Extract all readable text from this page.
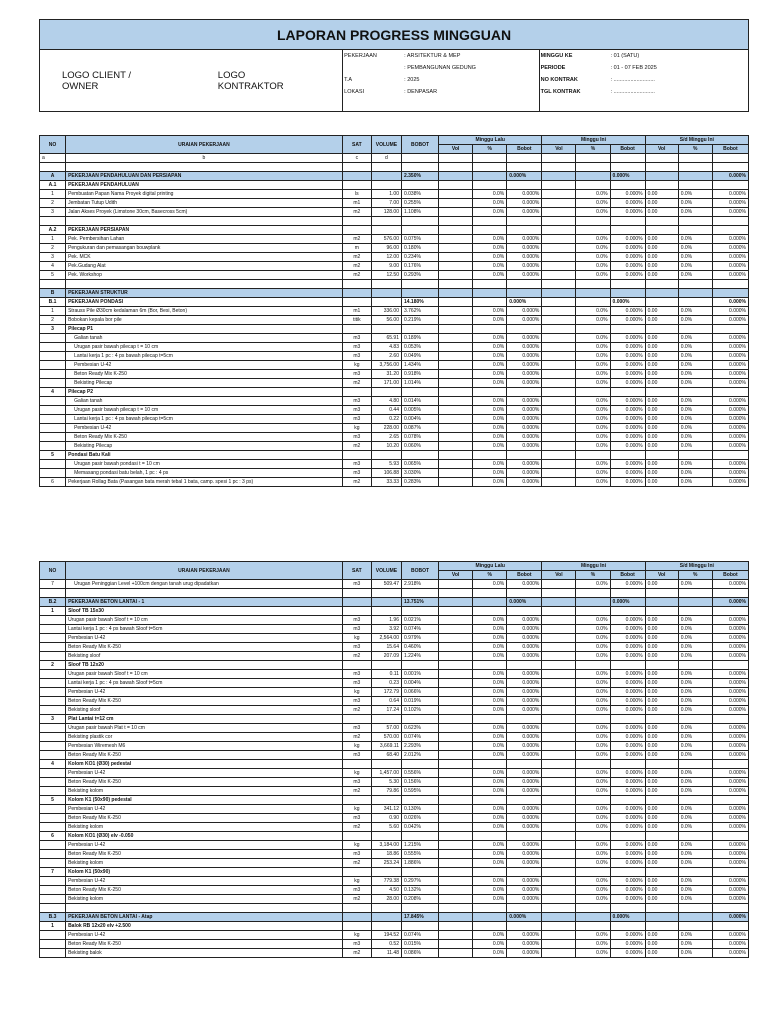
LAPORAN PROGRESS MINGGUAN
LOGO CLIENT / OWNER
LOGO KONTRAKTOR
PEKERJAAN	: ARSITEKTUR & MEP
: PEMBANGUNAN GEDUNG
T.A	: 2025
LOKASI	: DENPASAR
MINGGU KE	: 01 (SATU)
PERIODE	: 01 - 07 FEB 2025
NO KONTRAK	: ...........................
TGL KONTRAK	: ...........................
NO	URAIAN PEKERJAAN	SAT	VOLUME	BOBOT	Minggu Lalu			Minggu Ini			S/d Minggu Ini		
					Vol	%	Bobot	Vol	%	Bobot	Vol	%	Bobot
a	b	c	d										

A	PEKERJAAN PENDAHULUAN DAN PERSIAPAN			2.350%			0.000%			0.000%			0.000%
A.1	PEKERJAAN PENDAHULUAN												
1	Pembuatan Papan Nama Proyek digital printing	ls	1.00	0.038%		0.0%	0.000%		0.0%	0.000%	0.00	0.0%	0.000%
2	Jembatan Tutup Udith	m1	7.00	0.255%		0.0%	0.000%		0.0%	0.000%	0.00	0.0%	0.000%
3	Jalan Akses Proyek (Limstone 30cm, Basecross 5cm)	m2	128.00	1.108%		0.0%	0.000%		0.0%	0.000%	0.00	0.0%	0.000%

A.2	PEKERJAAN PERSIAPAN												
1	Pek. Pembersihan Lahan	m2	576.00	0.075%		0.0%	0.000%		0.0%	0.000%	0.00	0.0%	0.000%
2	Pengukuran dan pemasangan bouwplank	m	96.00	0.180%		0.0%	0.000%		0.0%	0.000%	0.00	0.0%	0.000%
3	Pek. MCK	m2	12.00	0.234%		0.0%	0.000%		0.0%	0.000%	0.00	0.0%	0.000%
4	Pek.Gudang Alat	m2	9.00	0.176%		0.0%	0.000%		0.0%	0.000%	0.00	0.0%	0.000%
5	Pek. Workshop	m2	12.50	0.293%		0.0%	0.000%		0.0%	0.000%	0.00	0.0%	0.000%

B	PEKERJAAN STRUKTUR												
B.1	PEKERJAAN PONDASI			14.180%			0.000%			0.000%			0.000%
1	Strauss Pile Ø30cm kedalaman 6m (Bor, Besi, Beton)	m1	336.00	3.762%		0.0%	0.000%		0.0%	0.000%	0.00	0.0%	0.000%
2	Bobokan kepala bor pile	titik	56.00	0.219%		0.0%	0.000%		0.0%	0.000%	0.00	0.0%	0.000%
3	Pilecap P1												
	Galian tanah	m3	65.91	0.189%		0.0%	0.000%		0.0%	0.000%	0.00	0.0%	0.000%
	Urugan pasir bawah pilecap t = 10 cm	m3	4.83	0.053%		0.0%	0.000%		0.0%	0.000%	0.00	0.0%	0.000%
	Lantai kerja 1 pc : 4 ps bawah pilecap t=5cm	m3	2.60	0.049%		0.0%	0.000%		0.0%	0.000%	0.00	0.0%	0.000%
	Pembesian U-42	kg	3,756.00	1.434%		0.0%	0.000%		0.0%	0.000%	0.00	0.0%	0.000%
	Beton Ready Mix K-250	m3	31.20	0.918%		0.0%	0.000%		0.0%	0.000%	0.00	0.0%	0.000%
	Bekisting Pilecap	m2	171.00	1.014%		0.0%	0.000%		0.0%	0.000%	0.00	0.0%	0.000%
4	Pilecap P2												
	Galian tanah	m3	4.80	0.014%		0.0%	0.000%		0.0%	0.000%	0.00	0.0%	0.000%
	Urugan pasir bawah pilecap t = 10 cm	m3	0.44	0.005%		0.0%	0.000%		0.0%	0.000%	0.00	0.0%	0.000%
	Lantai kerja 1 pc : 4 ps bawah pilecap t=5cm	m3	0.22	0.004%		0.0%	0.000%		0.0%	0.000%	0.00	0.0%	0.000%
	Pembesian U-42	kg	228.00	0.087%		0.0%	0.000%		0.0%	0.000%	0.00	0.0%	0.000%
	Beton Ready Mix K-250	m3	2.65	0.078%		0.0%	0.000%		0.0%	0.000%	0.00	0.0%	0.000%
	Bekisting Pilecap	m2	10.20	0.060%		0.0%	0.000%		0.0%	0.000%	0.00	0.0%	0.000%
5	Pondasi Batu Kali												
	Urugan pasir bawah pondasi t = 10 cm	m3	5.93	0.065%		0.0%	0.000%		0.0%	0.000%	0.00	0.0%	0.000%
	Memasang pondasi batu belah, 1 pc : 4 ps	m3	106.88	3.030%		0.0%	0.000%		0.0%	0.000%	0.00	0.0%	0.000%
6	Pekerjaan Rollag Bata (Pasangan bata merah tebal 1 bata, camp. spesi 1 pc : 3 ps)	m2	33.33	0.283%		0.0%	0.000%		0.0%	0.000%	0.00	0.0%	0.000%
NO	URAIAN PEKERJAAN	SAT	VOLUME	BOBOT	Minggu Lalu			Minggu Ini			S/d Minggu Ini		
					Vol	%	Bobot	Vol	%	Bobot	Vol	%	Bobot
7	Urugan Peninggian Level +100cm dengan tanah urug dipadatkan	m3	509.47	2.918%		0.0%	0.000%		0.0%	0.000%	0.00	0.0%	0.000%

B.2	PEKERJAAN BETON LANTAI - 1			13.751%			0.000%			0.000%			0.000%
1	Sloof TB 15x30												
	Urugan pasir bawah Sloof t = 10 cm	m3	1.96	0.021%		0.0%	0.000%		0.0%	0.000%	0.00	0.0%	0.000%
	Lantai kerja 1 pc : 4 ps bawah Sloof t=5cm	m3	3.92	0.074%		0.0%	0.000%		0.0%	0.000%	0.00	0.0%	0.000%
	Pembesian U-42	kg	2,564.00	0.979%		0.0%	0.000%		0.0%	0.000%	0.00	0.0%	0.000%
	Beton Ready Mix K-250	m3	15.64	0.460%		0.0%	0.000%		0.0%	0.000%	0.00	0.0%	0.000%
	Bekisting sloof	m2	207.09	1.224%		0.0%	0.000%		0.0%	0.000%	0.00	0.0%	0.000%
2	Sloof TB 12x20												
	Urugan pasir bawah Sloof t = 10 cm	m3	0.11	0.001%		0.0%	0.000%		0.0%	0.000%	0.00	0.0%	0.000%
	Lantai kerja 1 pc : 4 ps bawah Sloof t=5cm	m3	0.23	0.004%		0.0%	0.000%		0.0%	0.000%	0.00	0.0%	0.000%
	Pembesian U-42	kg	172.79	0.066%		0.0%	0.000%		0.0%	0.000%	0.00	0.0%	0.000%
	Beton Ready Mix K-250	m3	0.64	0.019%		0.0%	0.000%		0.0%	0.000%	0.00	0.0%	0.000%
	Bekisting sloof	m2	17.24	0.102%		0.0%	0.000%		0.0%	0.000%	0.00	0.0%	0.000%
3	Plat Lantai t=12 cm												
	Urugan pasir bawah Plat t = 10 cm	m3	57.00	0.623%		0.0%	0.000%		0.0%	0.000%	0.00	0.0%	0.000%
	Bekisting plastik cor	m2	570.00	0.074%		0.0%	0.000%		0.0%	0.000%	0.00	0.0%	0.000%
	Pembesian Wiremesh M6	kg	3,669.11	2.293%		0.0%	0.000%		0.0%	0.000%	0.00	0.0%	0.000%
	Beton Ready Mix K-250	m3	68.40	2.012%		0.0%	0.000%		0.0%	0.000%	0.00	0.0%	0.000%
4	Kolom KO1 (Ø30) pedestal												
	Pembesian U-42	kg	1,457.00	0.556%		0.0%	0.000%		0.0%	0.000%	0.00	0.0%	0.000%
	Beton Ready Mix K-250	m3	5.30	0.156%		0.0%	0.000%		0.0%	0.000%	0.00	0.0%	0.000%
	Bekisting kolom	m2	79.86	0.595%		0.0%	0.000%		0.0%	0.000%	0.00	0.0%	0.000%
5	Kolom K1 (50x90) pedestal												
	Pembesian U-42	kg	341.12	0.130%		0.0%	0.000%		0.0%	0.000%	0.00	0.0%	0.000%
	Beton Ready Mix K-250	m3	0.90	0.026%		0.0%	0.000%		0.0%	0.000%	0.00	0.0%	0.000%
	Bekisting kolom	m2	5.60	0.042%		0.0%	0.000%		0.0%	0.000%	0.00	0.0%	0.000%
6	Kolom KO1 (Ø30) elv -0.050												
	Pembesian U-42	kg	3,184.00	1.215%		0.0%	0.000%		0.0%	0.000%	0.00	0.0%	0.000%
	Beton Ready Mix K-250	m3	18.86	0.555%		0.0%	0.000%		0.0%	0.000%	0.00	0.0%	0.000%
	Bekisting kolom	m2	253.24	1.886%		0.0%	0.000%		0.0%	0.000%	0.00	0.0%	0.000%
7	Kolom K1 (50x90)												
	Pembesian U-42	kg	779.38	0.297%		0.0%	0.000%		0.0%	0.000%	0.00	0.0%	0.000%
	Beton Ready Mix K-250	m3	4.50	0.132%		0.0%	0.000%		0.0%	0.000%	0.00	0.0%	0.000%
	Bekisting kolom	m2	28.00	0.208%		0.0%	0.000%		0.0%	0.000%	0.00	0.0%	0.000%

B.3	PEKERJAAN BETON LANTAI - Atap			17.845%			0.000%			0.000%			0.000%
1	Balok RB 12x20 elv +2.500												
	Pembesian U-42	kg	194.52	0.074%		0.0%	0.000%		0.0%	0.000%	0.00	0.0%	0.000%
	Beton Ready Mix K-250	m3	0.52	0.015%		0.0%	0.000%		0.0%	0.000%	0.00	0.0%	0.000%
	Bekisting balok	m2	11.48	0.086%		0.0%	0.000%		0.0%	0.000%	0.00	0.0%	0.000%
